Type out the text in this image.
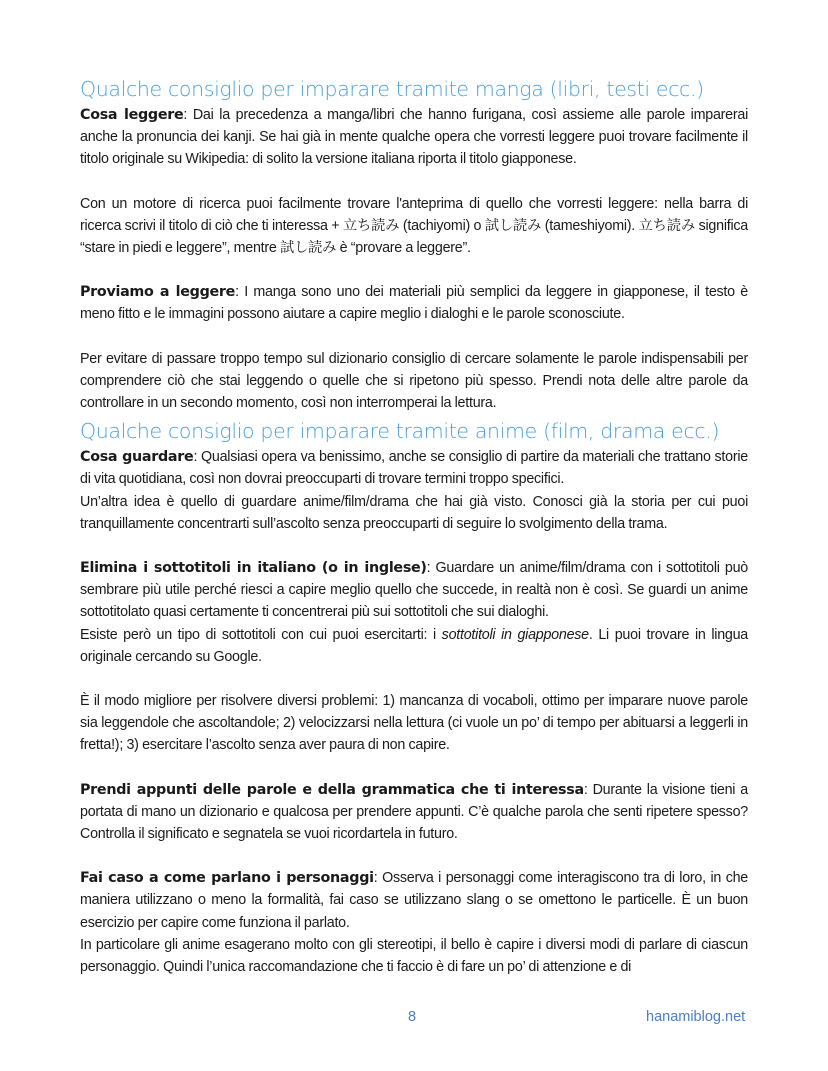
Qualche consiglio per imparare tramite manga (libri, testi ecc.)

Cosa leggere: Dai la precedenza a manga/libri che hanno furigana, così assieme alle parole imparerai anche la pronuncia dei kanji. Se hai già in mente qualche opera che vorresti leggere puoi trovare facilmente il titolo originale su Wikipedia: di solito la versione italiana riporta il titolo giapponese.

Con un motore di ricerca puoi facilmente trovare l'anteprima di quello che vorresti leggere: nella barra di ricerca scrivi il titolo di ciò che ti interessa + 立ち読み (tachiyomi) o 試し読み (tameshiyomi). 立ち読み significa “stare in piedi e leggere”, mentre 試し読み è “provare a leggere”.

Proviamo a leggere: I manga sono uno dei materiali più semplici da leggere in giapponese, il testo è meno fitto e le immagini possono aiutare a capire meglio i dialoghi e le parole sconosciute.

Per evitare di passare troppo tempo sul dizionario consiglio di cercare solamente le parole indispensabili per comprendere ciò che stai leggendo o quelle che si ripetono più spesso. Prendi nota delle altre parole da controllare in un secondo momento, così non interromperai la lettura.

Qualche consiglio per imparare tramite anime (film, drama ecc.)

Cosa guardare: Qualsiasi opera va benissimo, anche se consiglio di partire da materiali che trattano storie di vita quotidiana, così non dovrai preoccuparti di trovare termini troppo specifici.

Un’altra idea è quello di guardare anime/film/drama che hai già visto. Conosci già la storia per cui puoi tranquillamente concentrarti sull’ascolto senza preoccuparti di seguire lo svolgimento della trama.

Elimina i sottotitoli in italiano (o in inglese): Guardare un anime/film/drama con i sottotitoli può sembrare più utile perché riesci a capire meglio quello che succede, in realtà non è così. Se guardi un anime sottotitolato quasi certamente ti concentrerai più sui sottotitoli che sui dialoghi.

Esiste però un tipo di sottotitoli con cui puoi esercitarti: i sottotitoli in giapponese. Li puoi trovare in lingua originale cercando su Google.

È il modo migliore per risolvere diversi problemi: 1) mancanza di vocaboli, ottimo per imparare nuove parole sia leggendole che ascoltandole; 2) velocizzarsi nella lettura (ci vuole un po’ di tempo per abituarsi a leggerli in fretta!); 3) esercitare l’ascolto senza aver paura di non capire.

Prendi appunti delle parole e della grammatica che ti interessa: Durante la visione tieni a portata di mano un dizionario e qualcosa per prendere appunti. C’è qualche parola che senti ripetere spesso? Controlla il significato e segnatela se vuoi ricordartela in futuro.

Fai caso a come parlano i personaggi: Osserva i personaggi come interagiscono tra di loro, in che maniera utilizzano o meno la formalità, fai caso se utilizzano slang o se omettono le particelle. È un buon esercizio per capire come funziona il parlato.

In particolare gli anime esagerano molto con gli stereotipi, il bello è capire i diversi modi di parlare di ciascun personaggio. Quindi l’unica raccomandazione che ti faccio è di fare un po’ di attenzione e di

8	hanamiblog.net
